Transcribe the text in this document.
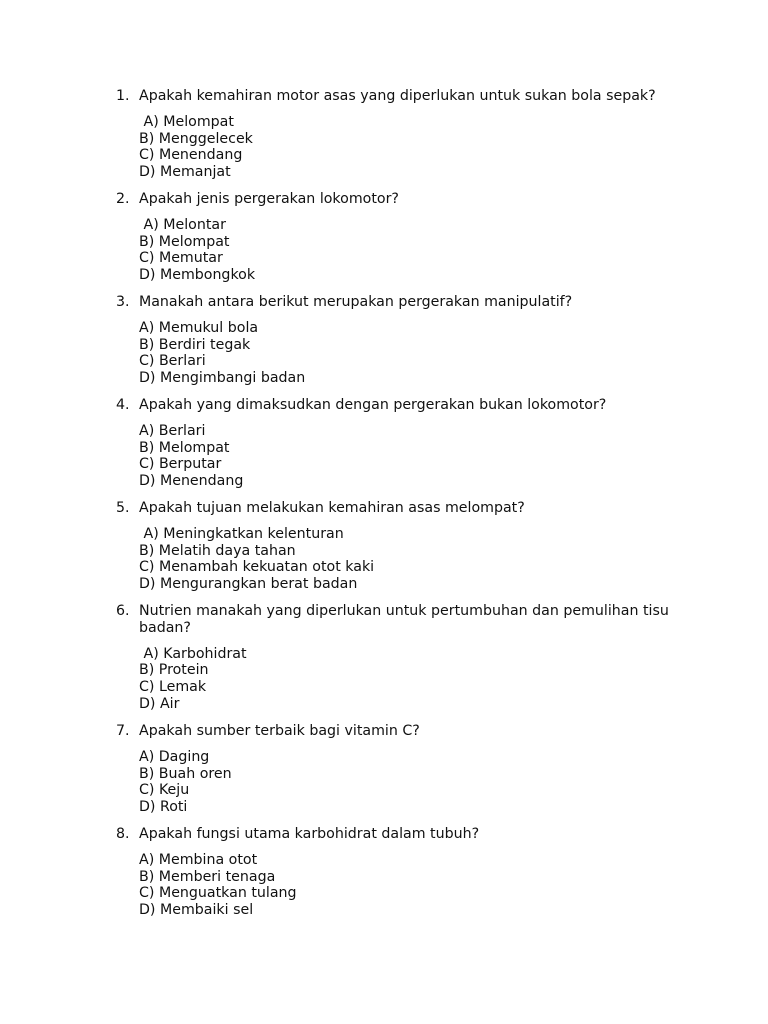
1. Apakah kemahiran motor asas yang diperlukan untuk sukan bola sepak?
A) Melompat
B) Menggelecek
C) Menendang
D) Memanjat
2. Apakah jenis pergerakan lokomotor?
A) Melontar
B) Melompat
C) Memutar
D) Membongkok
3. Manakah antara berikut merupakan pergerakan manipulatif?
A) Memukul bola
B) Berdiri tegak
C) Berlari
D) Mengimbangi badan
4. Apakah yang dimaksudkan dengan pergerakan bukan lokomotor?
A) Berlari
B) Melompat
C) Berputar
D) Menendang
5. Apakah tujuan melakukan kemahiran asas melompat?
A) Meningkatkan kelenturan
B) Melatih daya tahan
C) Menambah kekuatan otot kaki
D) Mengurangkan berat badan
6. Nutrien manakah yang diperlukan untuk pertumbuhan dan pemulihan tisu badan?
A) Karbohidrat
B) Protein
C) Lemak
D) Air
7. Apakah sumber terbaik bagi vitamin C?
A) Daging
B) Buah oren
C) Keju
D) Roti
8. Apakah fungsi utama karbohidrat dalam tubuh?
A) Membina otot
B) Memberi tenaga
C) Menguatkan tulang
D) Membaiki sel
